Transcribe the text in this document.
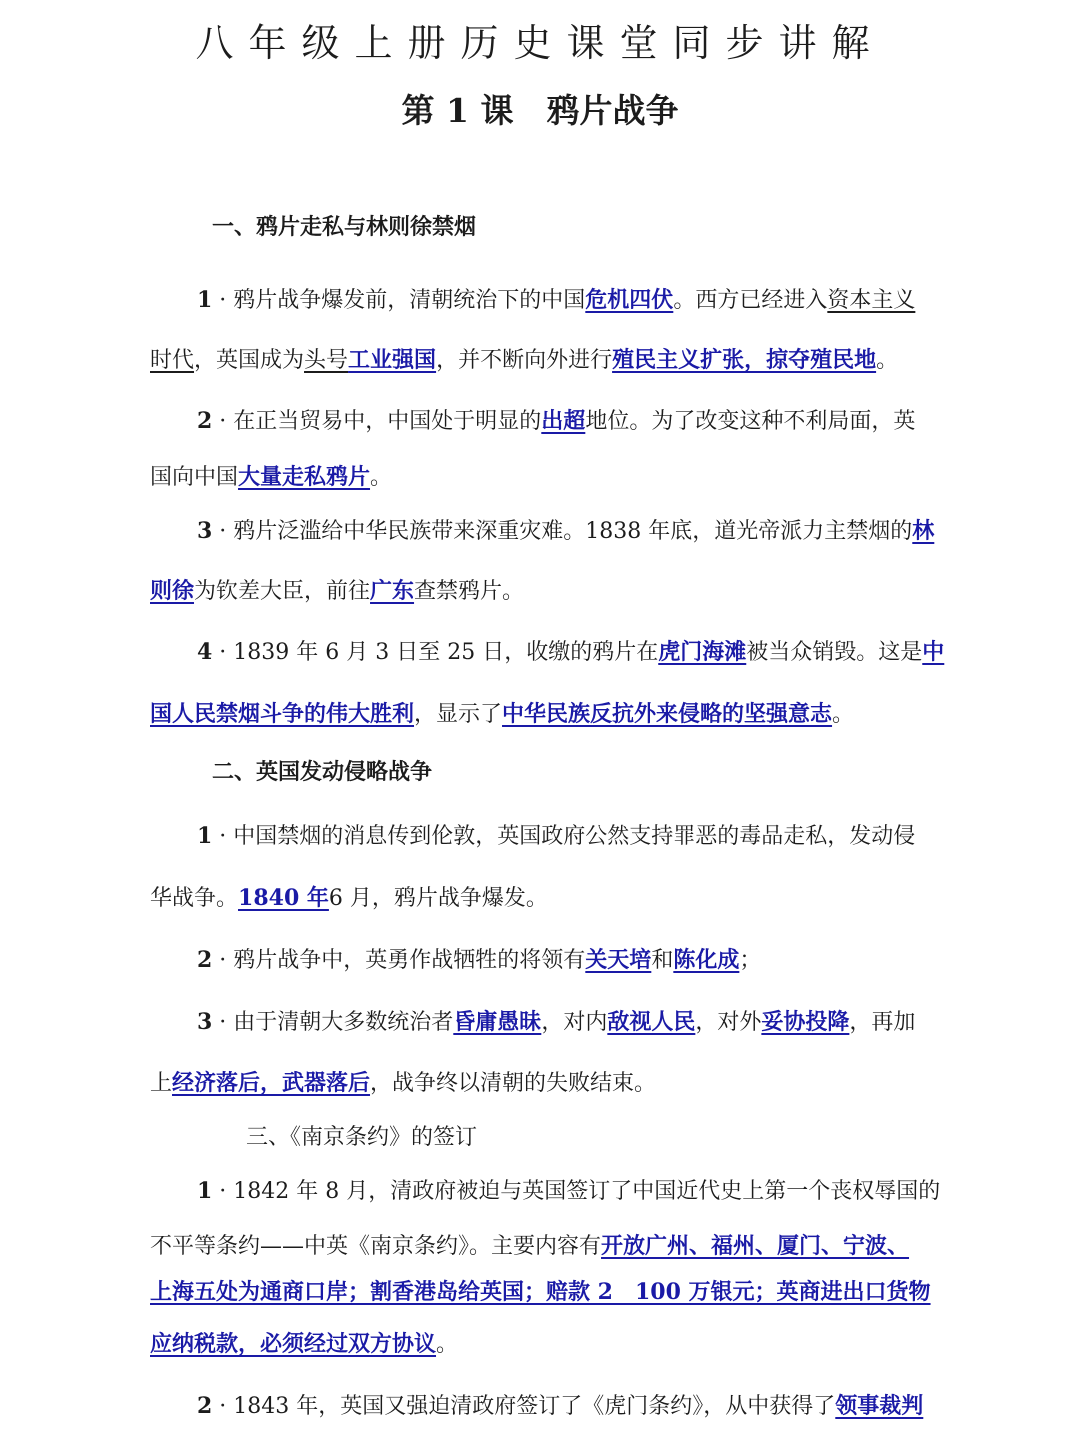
八年级上册历史课堂同步讲解
第 1 课　鸦片战争
一、鸦片走私与林则徐禁烟
1 · 鸦片战争爆发前，清朝统治下的中国危机四伏。西方已经进入资本主义
时代，英国成为头号工业强国，并不断向外进行殖民主义扩张，掠夺殖民地。
2 · 在正当贸易中，中国处于明显的出超地位。为了改变这种不利局面，英
国向中国大量走私鸦片。
3 · 鸦片泛滥给中华民族带来深重灾难。1838 年底，道光帝派力主禁烟的林
则徐为钦差大臣，前往广东查禁鸦片。
4 · 1839 年 6 月 3 日至 25 日，收缴的鸦片在虎门海滩被当众销毁。这是中
国人民禁烟斗争的伟大胜利，显示了中华民族反抗外来侵略的坚强意志。
二、英国发动侵略战争
1 · 中国禁烟的消息传到伦敦，英国政府公然支持罪恶的毒品走私，发动侵
华战争。1840 年6 月，鸦片战争爆发。
2 · 鸦片战争中，英勇作战牺牲的将领有关天培和陈化成；
3 · 由于清朝大多数统治者昏庸愚昧，对内敌视人民，对外妥协投降，再加
上经济落后，武器落后，战争终以清朝的失败结束。
三、《南京条约》的签订
1 · 1842 年 8 月，清政府被迫与英国签订了中国近代史上第一个丧权辱国的
不平等条约——中英《南京条约》。主要内容有开放广州、福州、厦门、宁波、
上海五处为通商口岸；割香港岛给英国；赔款 2　100 万银元；英商进出口货物
应纳税款，必须经过双方协议。
2 · 1843 年，英国又强迫清政府签订了《虎门条约》，从中获得了领事裁判
